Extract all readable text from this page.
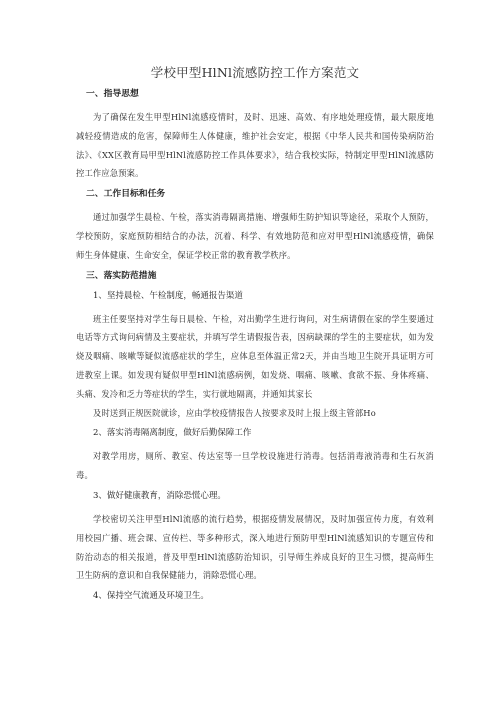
学校甲型HlNl流感防控工作方案范文
一、指导思想
为了确保在发生甲型HlNl流感疫情时，及时、迅速、高效、有序地处理疫情，最大限度地减轻疫情造成的危害，保障师生人体健康，维护社会安定，根据《中华人民共和国传染病防治法》、《XX区教育局甲型HlNl流感防控工作具体要求》，结合我校实际，特制定甲型HlNl流感防控工作应急预案。
二、工作目标和任务
通过加强学生晨检、午检，落实消毒隔离措施、增强师生防护知识等途径，采取个人预防，学校预防，家庭预防相结合的办法，沉着、科学、有效地防范和应对甲型HlNl流感疫情，确保师生身体健康、生命安全，保证学校正常的教育教学秩序。
三、落实防范措施
1、坚持晨检、午检制度，畅通报告渠道
班主任要坚持对学生每日晨检、午检，对出勤学生进行询问，对生病请假在家的学生要通过电话等方式询问病情及主要症状，并填写学生请假报告表，因病缺课的学生的主要症状，如为发烧及咽痛、咳嗽等疑似流感症状的学生，应体息至体温正常2天，并由当地卫生院开具证明方可进教室上课。如发现有疑似甲型HlNl流感病例，如发烧、咽痛、咳嗽、食欲不振、身体疼痛、头痛、发冷和乏力等症状的学生，实行就地隔离，并通知其家长
及时送到正规医院就诊，应由学校疫情报告人按要求及时上报上级主管部Ho
2、落实消毒隔离制度，做好后勤保障工作
对教学用房，厕所、教室、传达室等一旦学校设施进行消毒。包括消毒液消毒和生石灰消毒。
3、做好健康教育，消除恐慌心理。
学校密切关注甲型HlNl流感的流行趋势，根据疫情发展情况，及时加强宣传力度，有效利用校园广播、班会课、宣传栏、等多种形式，深入地进行预防甲型HlNl流感知识的专题宣传和防治动态的相关报道，普及甲型HlNl流感防治知识，引导师生养成良好的卫生习惯，提高师生卫生防病的意识和自我保健能力，消除恐慌心理。
4、保持空气流通及环境卫生。
